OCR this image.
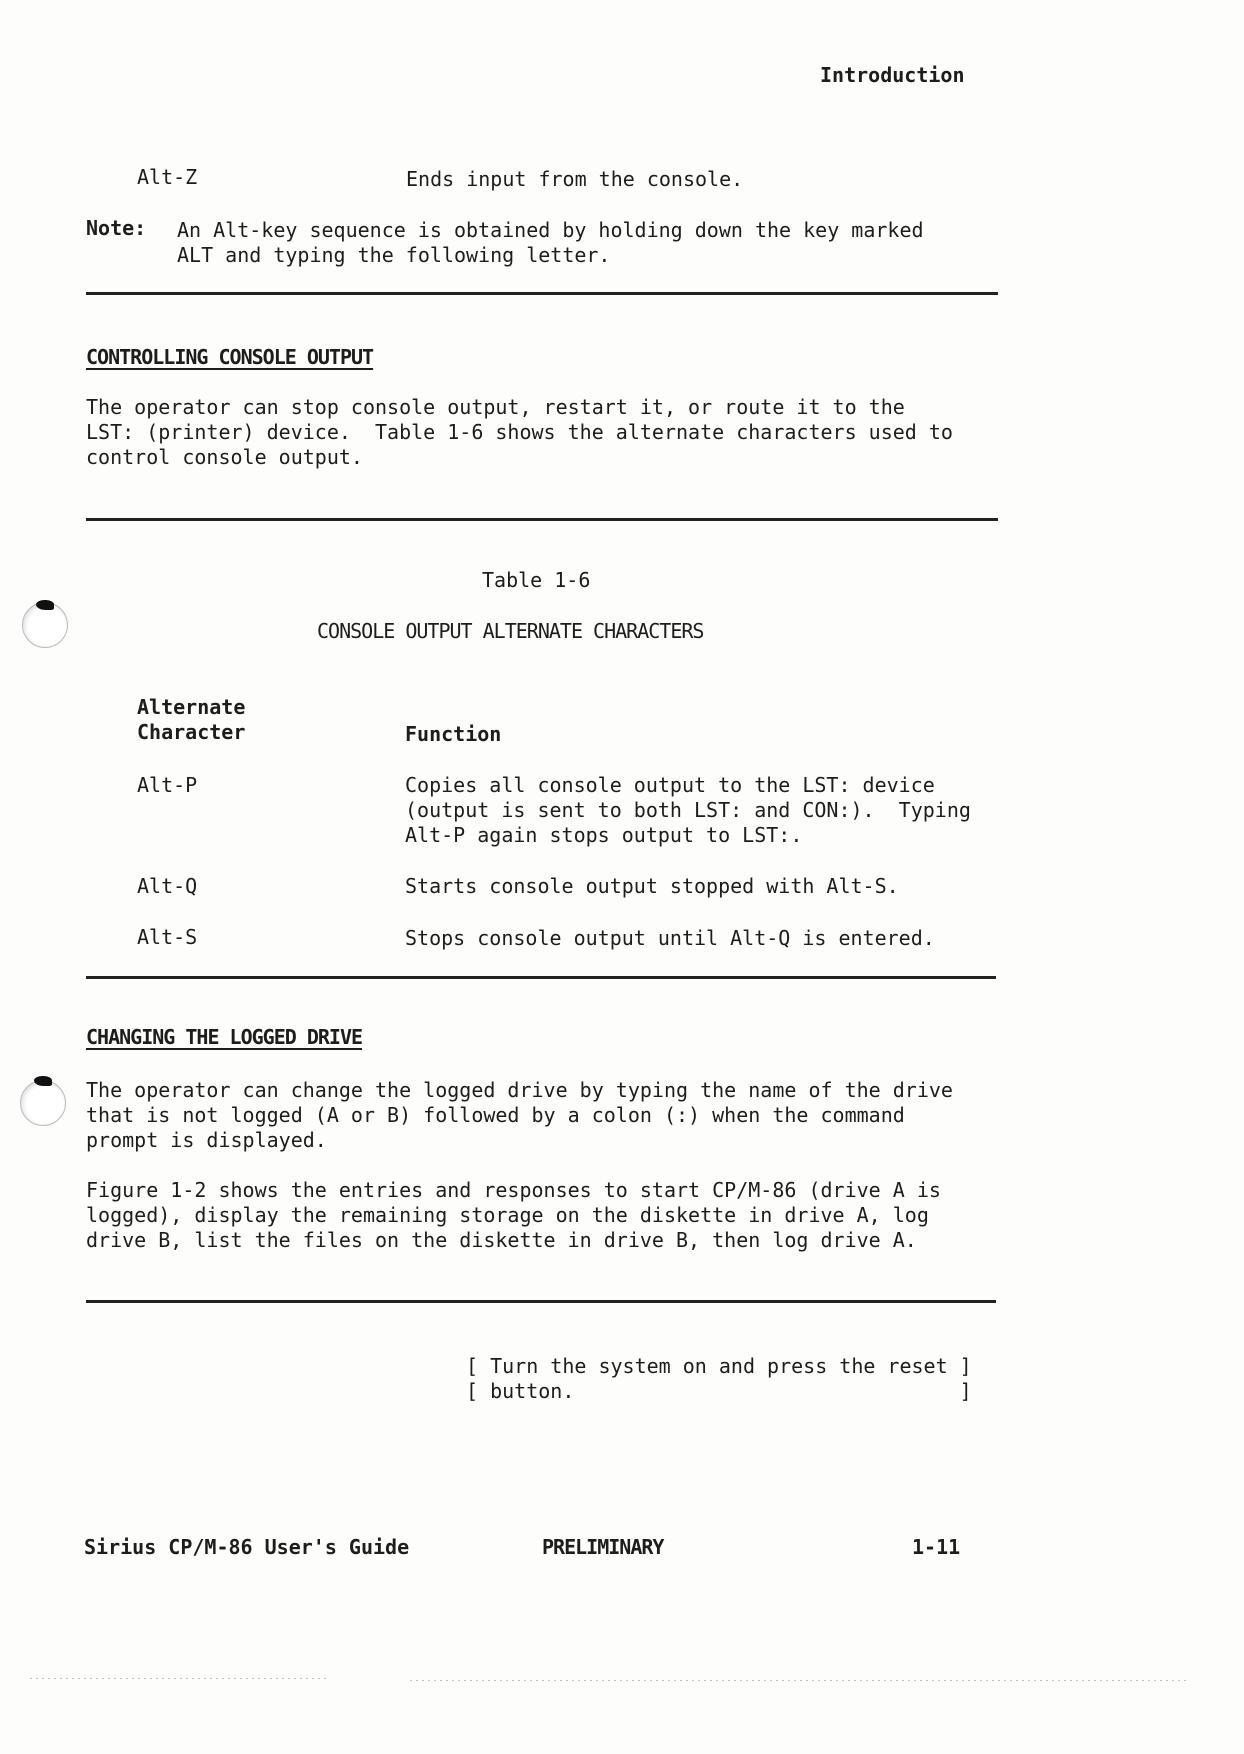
Introduction
Alt-Z	Ends input from the console.
Note: An Alt-key sequence is obtained by holding down the key marked
ALT and typing the following letter.
CONTROLLING CONSOLE OUTPUT
The operator can stop console output, restart it, or route it to the
LST: (printer) device.  Table 1-6 shows the alternate characters used to
control console output.
Table 1-6
CONSOLE OUTPUT ALTERNATE CHARACTERS
Alternate
Character	Function
Alt-P	Copies all console output to the LST: device
(output is sent to both LST: and CON:).  Typing
Alt-P again stops output to LST:.
Alt-Q	Starts console output stopped with Alt-S.
Alt-S	Stops console output until Alt-Q is entered.
CHANGING THE LOGGED DRIVE
The operator can change the logged drive by typing the name of the drive
that is not logged (A or B) followed by a colon (:) when the command
prompt is displayed.
Figure 1-2 shows the entries and responses to start CP/M-86 (drive A is
logged), display the remaining storage on the diskette in drive A, log
drive B, list the files on the diskette in drive B, then log drive A.
[ Turn the system on and press the reset ]
[ button.                                ]
Sirius CP/M-86 User's Guide	PRELIMINARY	1-11
